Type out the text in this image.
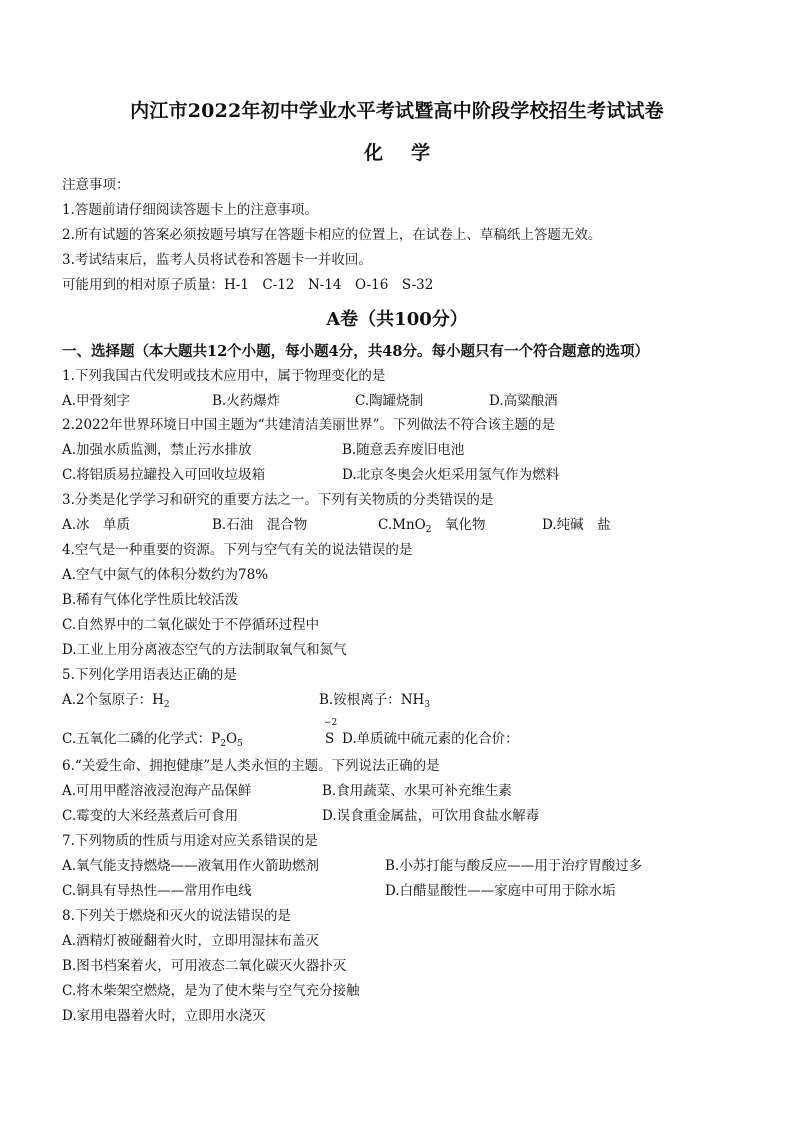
内江市2022年初中学业水平考试暨高中阶段学校招生考试试卷
化学
注意事项：
1.答题前请仔细阅读答题卡上的注意事项。
2.所有试题的答案必须按题号填写在答题卡相应的位置上，在试卷上、草稿纸上答题无效。
3.考试结束后，监考人员将试卷和答题卡一并收回。
可能用到的相对原子质量：H-1　C-12　N-14　O-16　S-32
A卷（共100分）
一、选择题（本大题共12个小题，每小题4分，共48分。每小题只有一个符合题意的选项）
1.下列我国古代发明或技术应用中，属于物理变化的是
A.甲骨刻字	B.火药爆炸	C.陶罐烧制	D.高粱酿酒
2.2022年世界环境日中国主题为“共建清洁美丽世界”。下列做法不符合该主题的是
A.加强水质监测，禁止污水排放	B.随意丢弃废旧电池
C.将铝质易拉罐投入可回收垃圾箱	D.北京冬奥会火炬采用氢气作为燃料
3.分类是化学学习和研究的重要方法之一。下列有关物质的分类错误的是
A.冰　单质	B.石油　混合物	C.MnO$_2$　氧化物	D.纯碱　盐
4.空气是一种重要的资源。下列与空气有关的说法错误的是
A.空气中氮气的体积分数约为78%
B.稀有气体化学性质比较活泼
C.自然界中的二氧化碳处于不停循环过程中
D.工业上用分离液态空气的方法制取氧气和氮气
5.下列化学用语表达正确的是
A.2个氢原子：$H_2$	B.铵根离子：$NH_3$
C.五氧化二磷的化学式：$P_2O_5$
−2
S D.单质硫中硫元素的化合价：
6.“关爱生命、拥抱健康”是人类永恒的主题。下列说法正确的是
A.可用甲醛溶液浸泡海产品保鲜	B.食用蔬菜、水果可补充维生素
C.霉变的大米经蒸煮后可食用	D.误食重金属盐，可饮用食盐水解毒
7.下列物质的性质与用途对应关系错误的是
A.氧气能支持燃烧——液氧用作火箭助燃剂	B.小苏打能与酸反应——用于治疗胃酸过多
C.铜具有导热性——常用作电线	D.白醋显酸性——家庭中可用于除水垢
8.下列关于燃烧和灭火的说法错误的是
A.酒精灯被碰翻着火时，立即用湿抹布盖灭
B.图书档案着火，可用液态二氧化碳灭火器扑灭
C.将木柴架空燃烧，是为了使木柴与空气充分接触
D.家用电器着火时，立即用水浇灭
